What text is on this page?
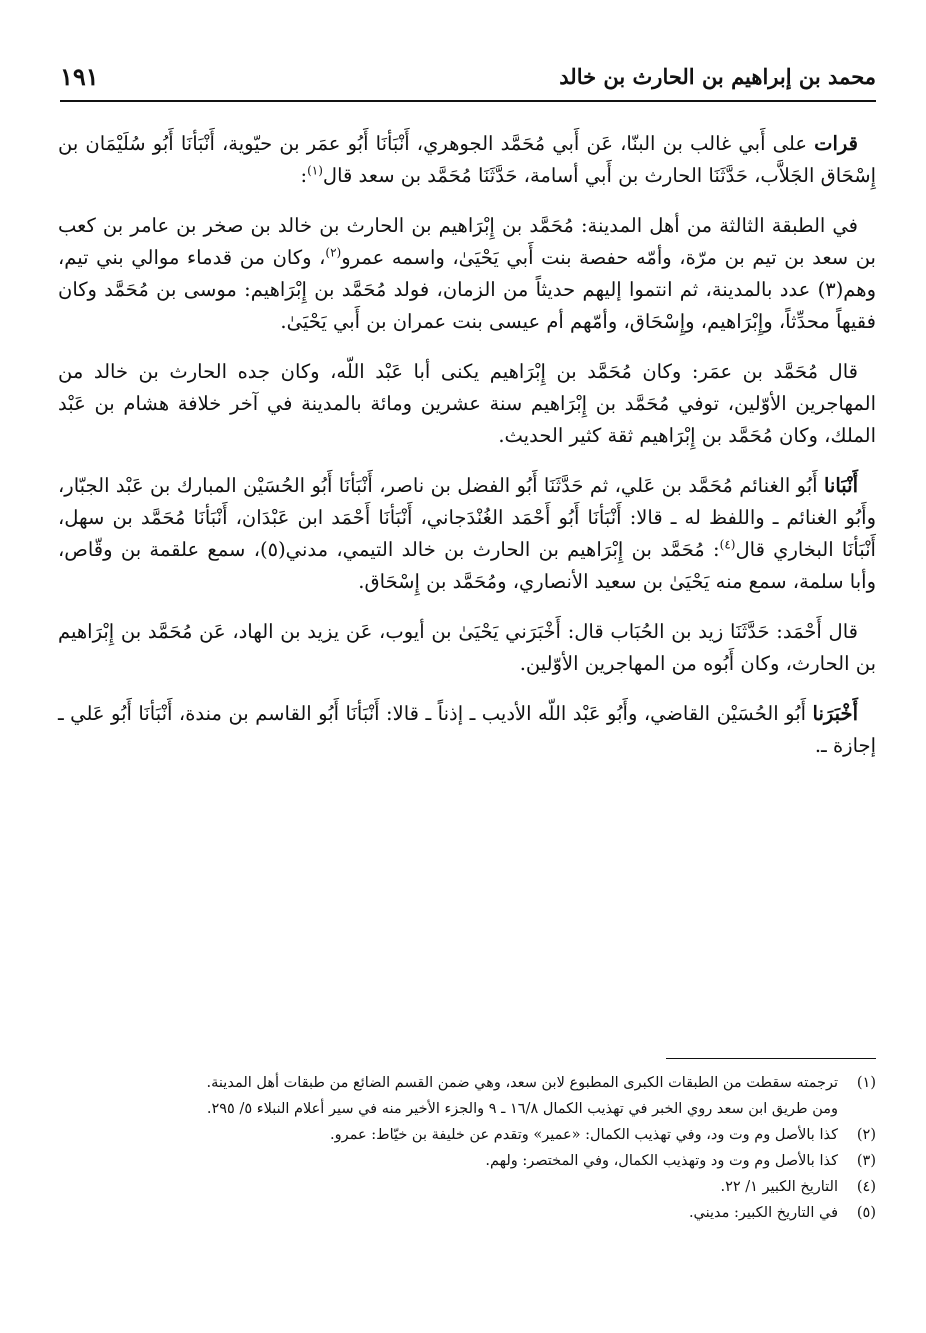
محمد بن إبراهيم بن الحارث بن خالد
١٩١

قرات على أَبي غالب بن البنّا، عَن أَبي مُحَمَّد الجوهري، أَنْبَأنَا أَبُو عمَر بن حيّوية، أَنْبَأنَا أَبُو سُلَيْمَان بن إِسْحَاق الجَلاَّب، حَدَّثَنَا الحارث بن أَبي أسامة، حَدَّثَنَا مُحَمَّد بن سعد قال$^{(١)}$:

في الطبقة الثالثة من أهل المدينة: مُحَمَّد بن إِبْرَاهيم بن الحارث بن خالد بن صخر بن عامر بن كعب بن سعد بن تيم بن مرّة، وأمّه حفصة بنت أَبي يَحْيَىٰ، واسمه عمرو$^{(٢)}$، وكان من قدماء موالي بني تيم، وهم(٣) عدد بالمدينة، ثم انتموا إليهم حديثاً من الزمان، فولد مُحَمَّد بن إِبْرَاهيم: موسى بن مُحَمَّد وكان فقيهاً محدِّثاً، وإِبْرَاهيم، وإِسْحَاق، وأمّهم أم عيسى بنت عمران بن أَبي يَحْيَىٰ.

قال مُحَمَّد بن عمَر: وكان مُحَمَّد بن إِبْرَاهيم يكنى أبا عَبْد اللّه، وكان جده الحارث بن خالد من المهاجرين الأوّلين، توفي مُحَمَّد بن إِبْرَاهيم سنة عشرين ومائة بالمدينة في آخر خلافة هشام بن عَبْد الملك، وكان مُحَمَّد بن إِبْرَاهيم ثقة كثير الحديث.

أَنْبَانا أَبُو الغنائم مُحَمَّد بن عَلي، ثم حَدَّثَنَا أَبُو الفضل بن ناصر، أَنْبَأنَا أَبُو الحُسَيْن المبارك بن عَبْد الجبّار، وأَبُو الغنائم ـ واللفظ له ـ قالا: أَنْبَأنَا أَبُو أَحْمَد الغُنْدَجاني، أَنْبَأنَا أَحْمَد ابن عَبْدَان، أَنْبَأنَا مُحَمَّد بن سهل، أَنْبَأنَا البخاري قال$^{(٤)}$: مُحَمَّد بن إِبْرَاهيم بن الحارث بن خالد التيمي، مدني(٥)، سمع علقمة بن وقّاص، وأبا سلمة، سمع منه يَحْيَىٰ بن سعيد الأنصاري، ومُحَمَّد بن إِسْحَاق.

قال أَحْمَد: حَدَّثَنَا زيد بن الحُبَاب قال: أَخْبَرَني يَحْيَىٰ بن أيوب، عَن يزيد بن الهاد، عَن مُحَمَّد بن إِبْرَاهيم بن الحارث، وكان أَبُوه من المهاجرين الأوّلين.

أَخْبَرَنا أَبُو الحُسَيْن القاضي، وأَبُو عَبْد اللّه الأديب ـ إذناً ـ قالا: أَنْبَأنَا أَبُو القاسم بن مندة، أَنْبَأنَا أَبُو عَلي ـ إجازة ـ.

(١)
ترجمته سقطت من الطبقات الكبرى المطبوع لابن سعد، وهي ضمن القسم الضائع من طبقات أهل المدينة.
ومن طريق ابن سعد روي الخبر في تهذيب الكمال ١٦/٨ ـ ٩ والجزء الأخير منه في سير أعلام النبلاء ٥/ ٢٩٥.
(٢)
كذا بالأصل وم وت ود، وفي تهذيب الكمال: «عمير» وتقدم عن خليفة بن خيّاط: عمرو.
(٣)
كذا بالأصل وم وت ود وتهذيب الكمال، وفي المختصر: ولهم.
(٤)
التاريخ الكبير ١/ ٢٢.
(٥)
في التاريخ الكبير: مديني.
